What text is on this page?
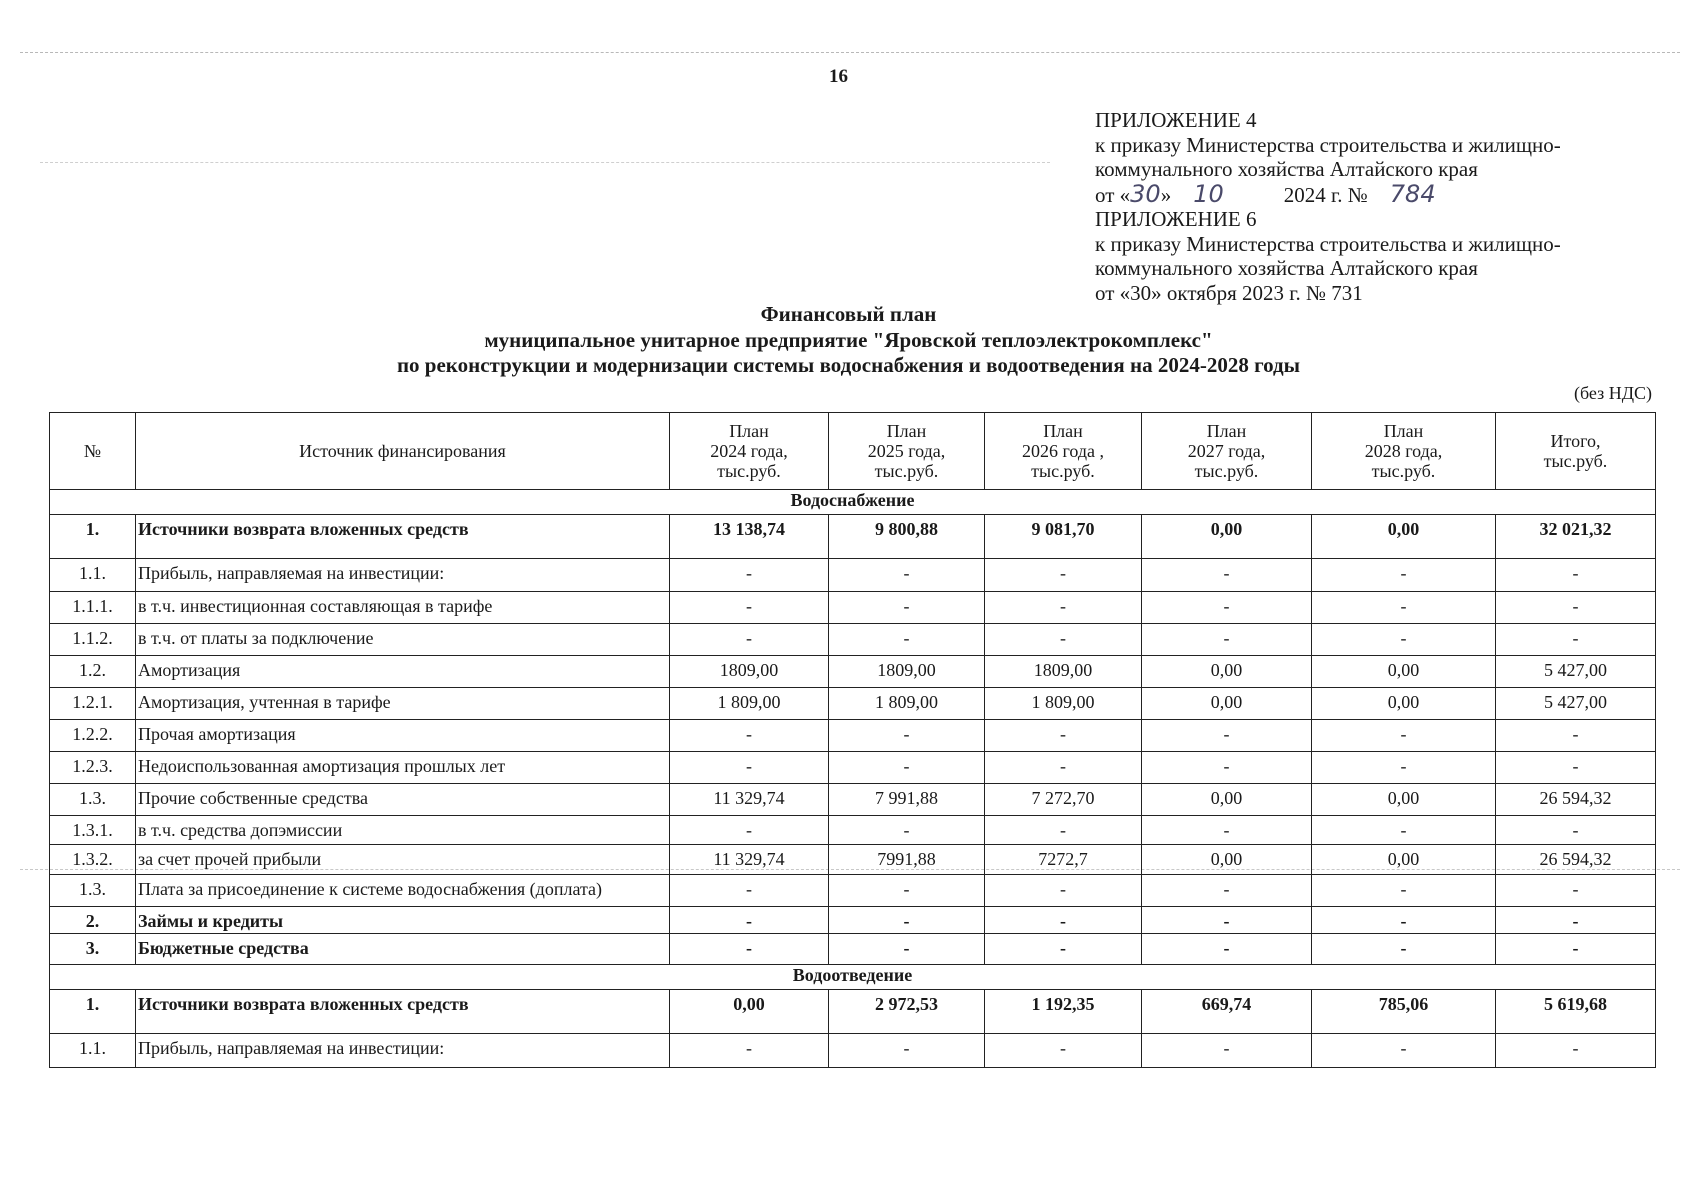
16
ПРИЛОЖЕНИЕ 4
к приказу Министерства строительства и жилищно-
коммунального хозяйства Алтайского края
от «30» 10	2024 г. № 784
ПРИЛОЖЕНИЕ 6
к приказу Министерства строительства и жилищно-
коммунального хозяйства Алтайского края
от «30» октября 2023 г. № 731
Финансовый план
муниципальное унитарное предприятие "Яровской теплоэлектрокомплекс"
по реконструкции и модернизации системы водоснабжения и водоотведения на 2024-2028 годы
(без НДС)
№	Источник финансирования	План
2024 года,
тыс.руб.	План
2025 года,
тыс.руб.	План
2026 года ,
тыс.руб.	План
2027 года,
тыс.руб.	План
2028 года,
тыс.руб.	Итого,
тыс.руб.
Водоснабжение							
1.	Источники возврата вложенных средств	13 138,74	9 800,88	9 081,70	0,00	0,00	32 021,32
1.1.	Прибыль, направляемая на инвестиции:	-	-	-	-	-	-
1.1.1.	в т.ч. инвестиционная составляющая в тарифе	-	-	-	-	-	-
1.1.2.	в т.ч. от платы за подключение	-	-	-	-	-	-
1.2.	Амортизация	1809,00	1809,00	1809,00	0,00	0,00	5 427,00
1.2.1.	Амортизация, учтенная в тарифе	1 809,00	1 809,00	1 809,00	0,00	0,00	5 427,00
1.2.2.	Прочая амортизация	-	-	-	-	-	-
1.2.3.	Недоиспользованная амортизация прошлых лет	-	-	-	-	-	-
1.3.	Прочие собственные средства	11 329,74	7 991,88	7 272,70	0,00	0,00	26 594,32
1.3.1.	в т.ч. средства допэмиссии	-	-	-	-	-	-
1.3.2.	за счет прочей прибыли	11 329,74	7991,88	7272,7	0,00	0,00	26 594,32
1.3.	Плата за присоединение к системе водоснабжения (доплата)	-	-	-	-	-	-
2.	Займы и кредиты	-	-	-	-	-	-
3.	Бюджетные средства	-	-	-	-	-	-
Водоотведение							
1.	Источники возврата вложенных средств	0,00	2 972,53	1 192,35	669,74	785,06	5 619,68
1.1.	Прибыль, направляемая на инвестиции:	-	-	-	-	-	-
